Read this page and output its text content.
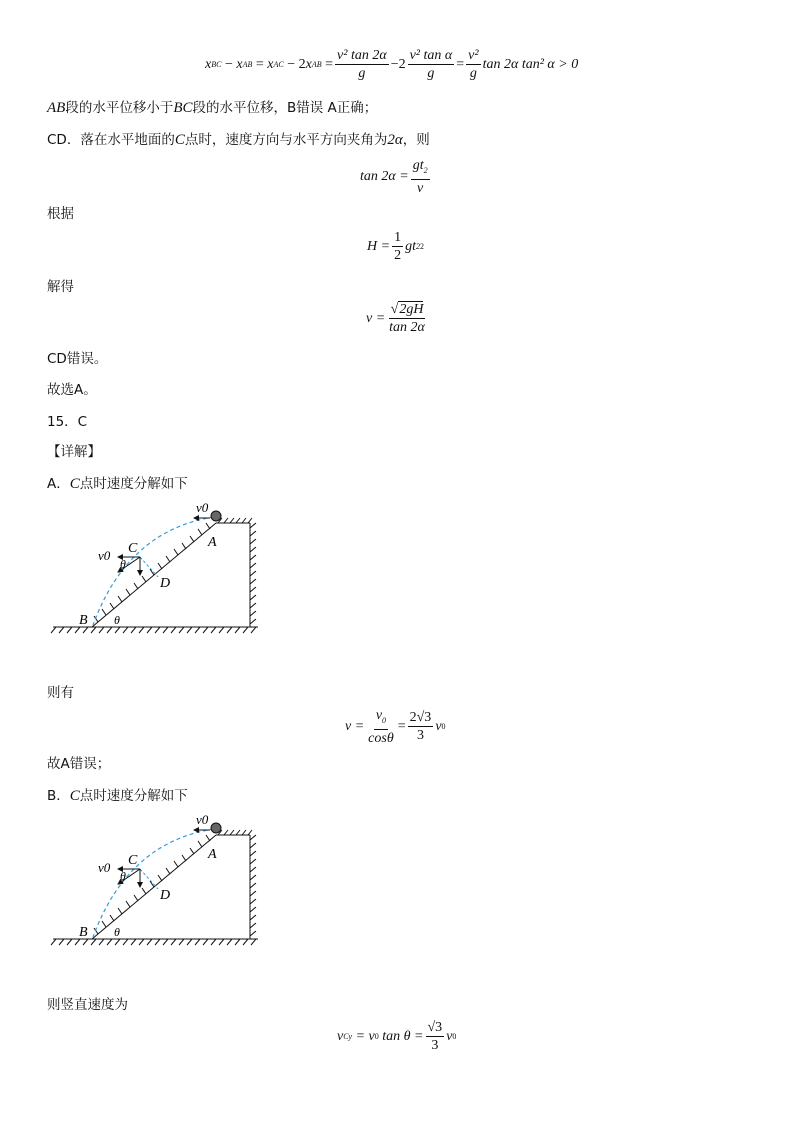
x BC − x AB = x AC − 2 x AB = $\frac{\text{v² tan 2α}}{g} -2 \frac{\text{v² tan α}}{g} = \frac{\text{v²}}{g}$ tan 2α tan² α > 0
AB段的水平位移小于BC段的水平位移，B错误 A正确；
CD．落在水平地面的C点时，速度方向与水平方向夹角为2α，则
$\tan 2\alpha = \frac{gt_2}{v}$
根据
$H = \frac{1}{2}$ gt 2 2
解得
$v = \frac{√2gH}{\tan 2\alpha}$
CD错误。
故选A。
15．C
【详解】
A．C点时速度分解如下
v0
v0 C
θ
A
D
B θ
则有
$v = \frac{v_0}{\cos\theta} = \frac{2√3}{3}$ v 0
故A错误；
B．C点时速度分解如下
v0
v0 C
θ
A
D
B θ
则竖直速度为
v Cy
= v 0
$\tan \theta = \frac{√3}{3}$ v 0
